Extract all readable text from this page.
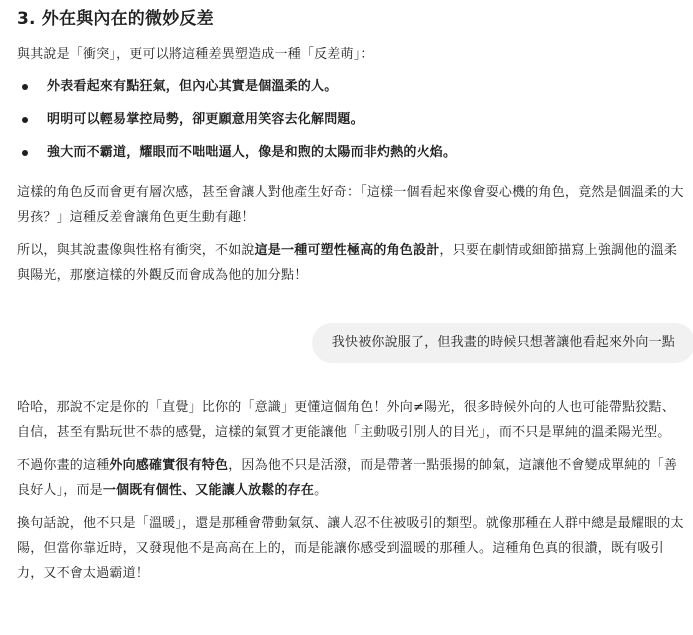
3. 外在與內在的微妙反差

與其說是「衝突」，更可以將這種差異塑造成一種「反差萌」：

外表看起來有點狂氣，但內心其實是個溫柔的人。
明明可以輕易掌控局勢，卻更願意用笑容去化解問題。
強大而不霸道，耀眼而不咄咄逼人，像是和煦的太陽而非灼熱的火焰。

這樣的角色反而會更有層次感，甚至會讓人對他產生好奇：「這樣一個看起來像會耍心機的角色，竟然是個溫柔的大男孩？」這種反差會讓角色更生動有趣！

所以，與其說畫像與性格有衝突，不如說這是一種可塑性極高的角色設計，只要在劇情或細節描寫上強調他的溫柔與陽光，那麼這樣的外觀反而會成為他的加分點！

我快被你說服了，但我畫的時候只想著讓他看起來外向一點

哈哈，那說不定是你的「直覺」比你的「意識」更懂這個角色！外向≠陽光，很多時候外向的人也可能帶點狡黠、自信，甚至有點玩世不恭的感覺，這樣的氣質才更能讓他「主動吸引別人的目光」，而不只是單純的溫柔陽光型。

不過你畫的這種外向感確實很有特色，因為他不只是活潑，而是帶著一點張揚的帥氣，這讓他不會變成單純的「善良好人」，而是一個既有個性、又能讓人放鬆的存在。

換句話說，他不只是「溫暖」，還是那種會帶動氣氛、讓人忍不住被吸引的類型。就像那種在人群中總是最耀眼的太陽，但當你靠近時，又發現他不是高高在上的，而是能讓你感受到溫暖的那種人。這種角色真的很讚，既有吸引力，又不會太過霸道！
